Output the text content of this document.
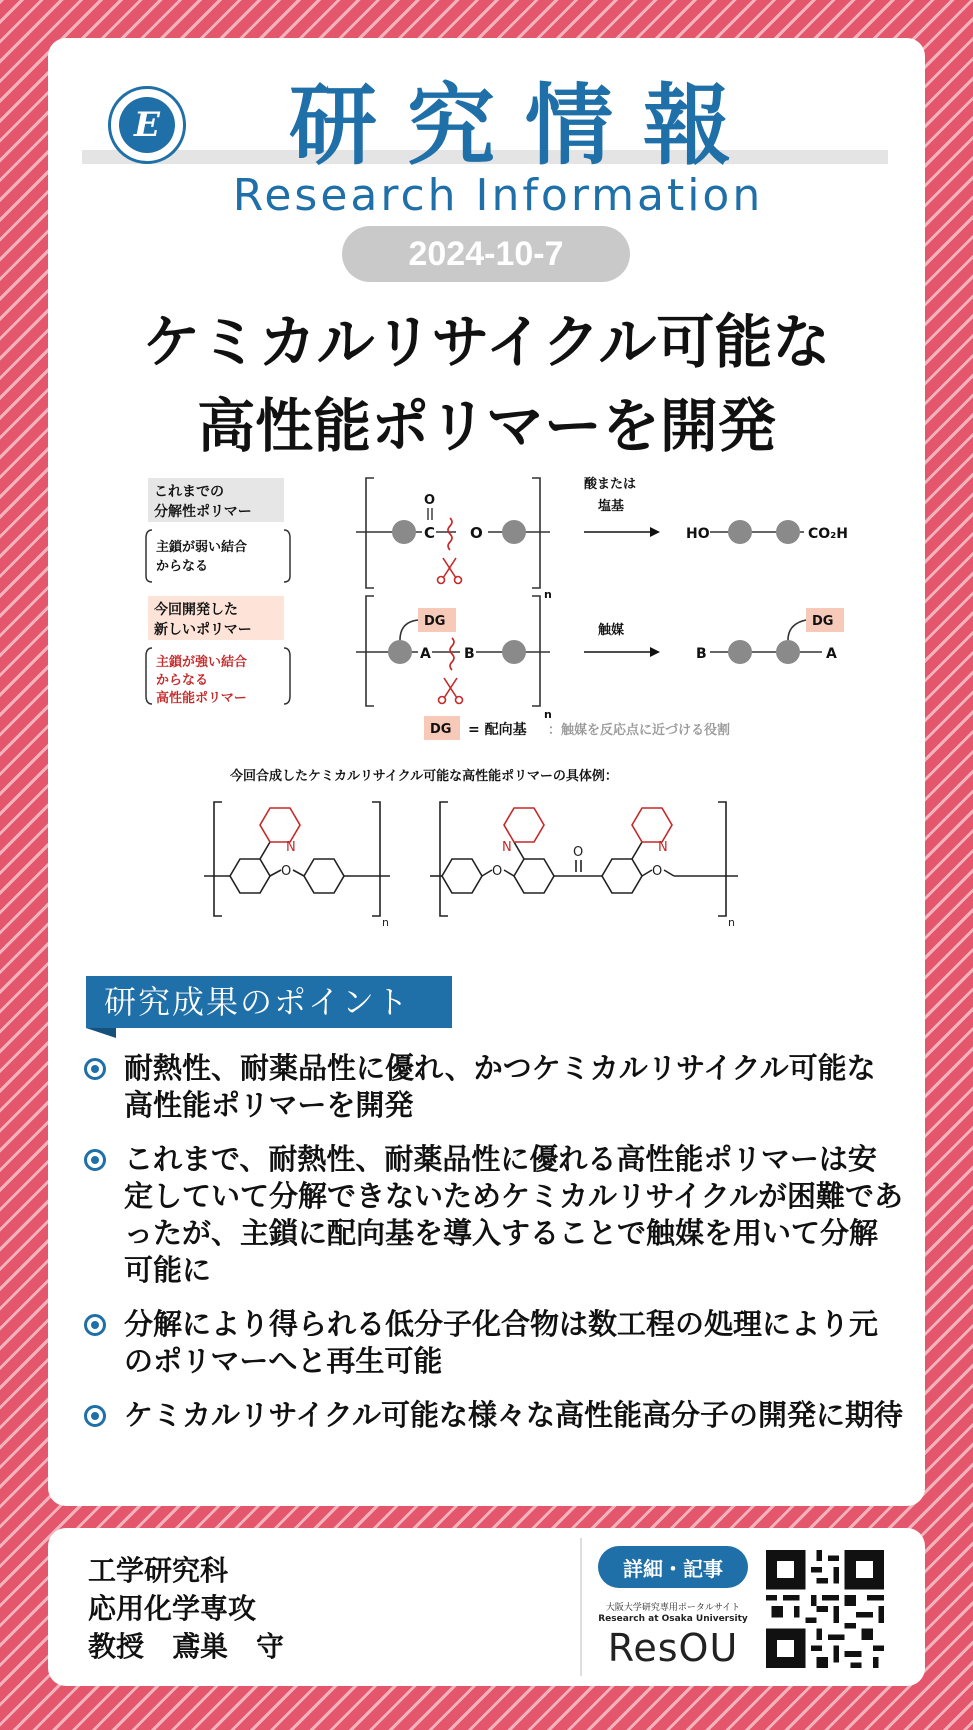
E	研究情報
Research Information
2024-10-7
ケミカルリサイクル可能な
高性能ポリマーを開発
これまでの
分解性ポリマー
主鎖が弱い結合
からなる
C
O
O
n
酸または
塩基
HO	CO₂H
今回開発した
新しいポリマー
主鎖が強い結合
からなる
高性能ポリマー
DG
A B
n
触媒
B
DG
A
DG = 配向基 ：触媒を反応点に近づける役割
今回合成したケミカルリサイクル可能な高性能ポリマーの具体例：
O
N
n
O
O
O
N	N
n
研究成果のポイント
耐熱性、耐薬品性に優れ、かつケミカルリサイクル可能な高性能ポリマーを開発
これまで、耐熱性、耐薬品性に優れる高性能ポリマーは安定していて分解できないためケミカルリサイクルが困難であったが、主鎖に配向基を導入することで触媒を用いて分解可能に
分解により得られる低分子化合物は数工程の処理により元のポリマーへと再生可能
ケミカルリサイクル可能な様々な高性能高分子の開発に期待
工学研究科
応用化学専攻
教授　鳶巣　守
詳細・記事
大阪大学研究専用ポータルサイト
Research at Osaka University
ResOU
